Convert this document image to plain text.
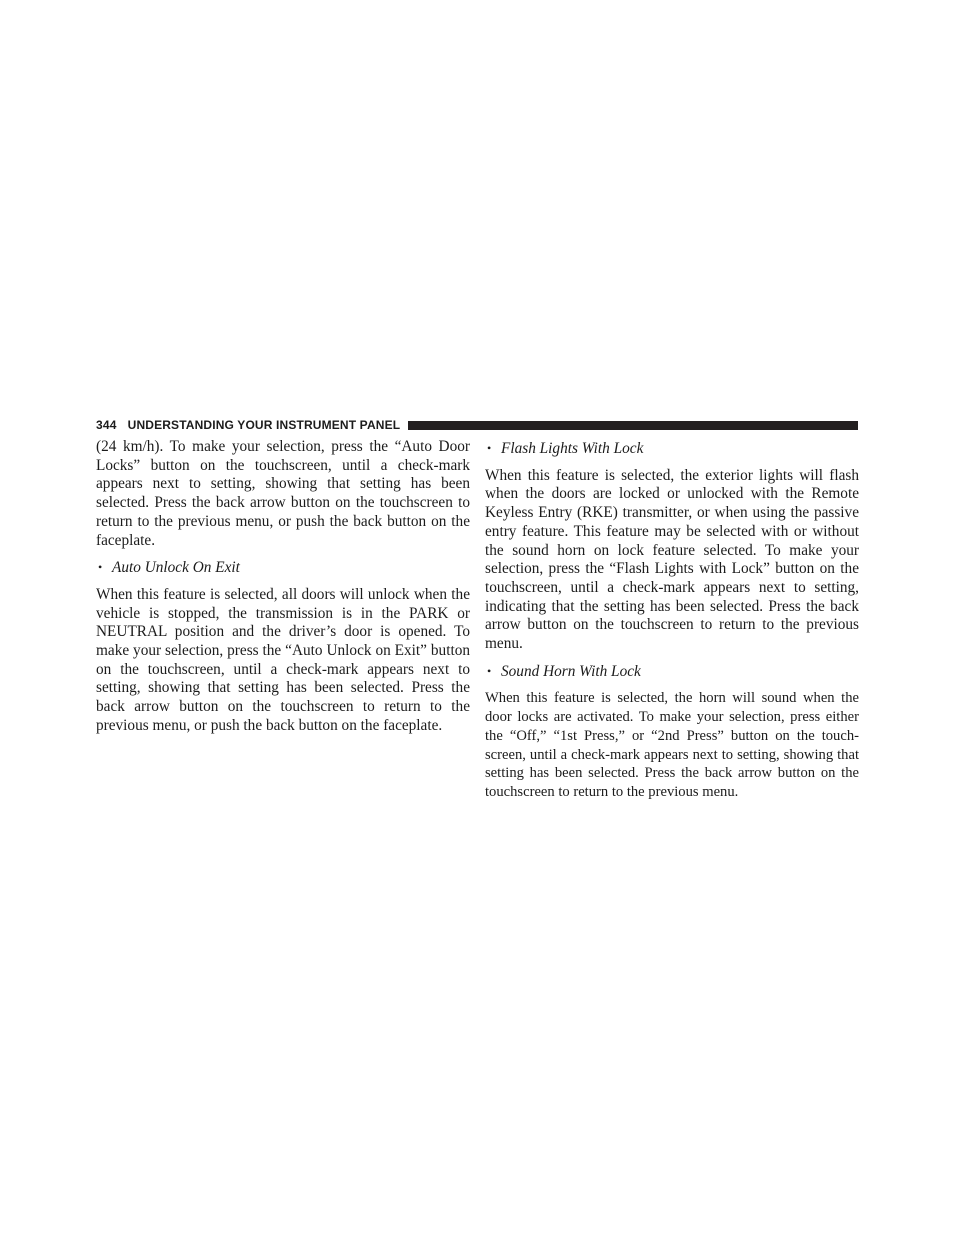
344 UNDERSTANDING YOUR INSTRUMENT PANEL

(24 km/h). To make your selection, press the “Auto Door Locks” button on the touchscreen, until a check-mark appears next to setting, showing that setting has been selected. Press the back arrow button on the touchscreen to return to the previous menu, or push the back button on the faceplate.

• Auto Unlock On Exit

When this feature is selected, all doors will unlock when the vehicle is stopped, the transmission is in the PARK or NEUTRAL position and the driver’s door is opened. To make your selection, press the “Auto Unlock on Exit” button on the touchscreen, until a check-mark appears next to setting, showing that setting has been selected. Press the back arrow button on the touchscreen to return to the previous menu, or push the back button on the faceplate.

• Flash Lights With Lock

When this feature is selected, the exterior lights will flash when the doors are locked or unlocked with the Remote Keyless Entry (RKE) transmitter, or when using the passive entry feature. This feature may be selected with or without the sound horn on lock feature selected. To make your selection, press the “Flash Lights with Lock” button on the touchscreen, until a check-mark appears next to setting, indicating that the setting has been selected. Press the back arrow button on the touchscreen to return to the previous menu.

• Sound Horn With Lock

When this feature is selected, the horn will sound when the door locks are activated. To make your selection, press either the “Off,” “1st Press,” or “2nd Press” button on the touch-screen, until a check-mark appears next to setting, showing that setting has been selected. Press the back arrow button on the touchscreen to return to the previous menu.
